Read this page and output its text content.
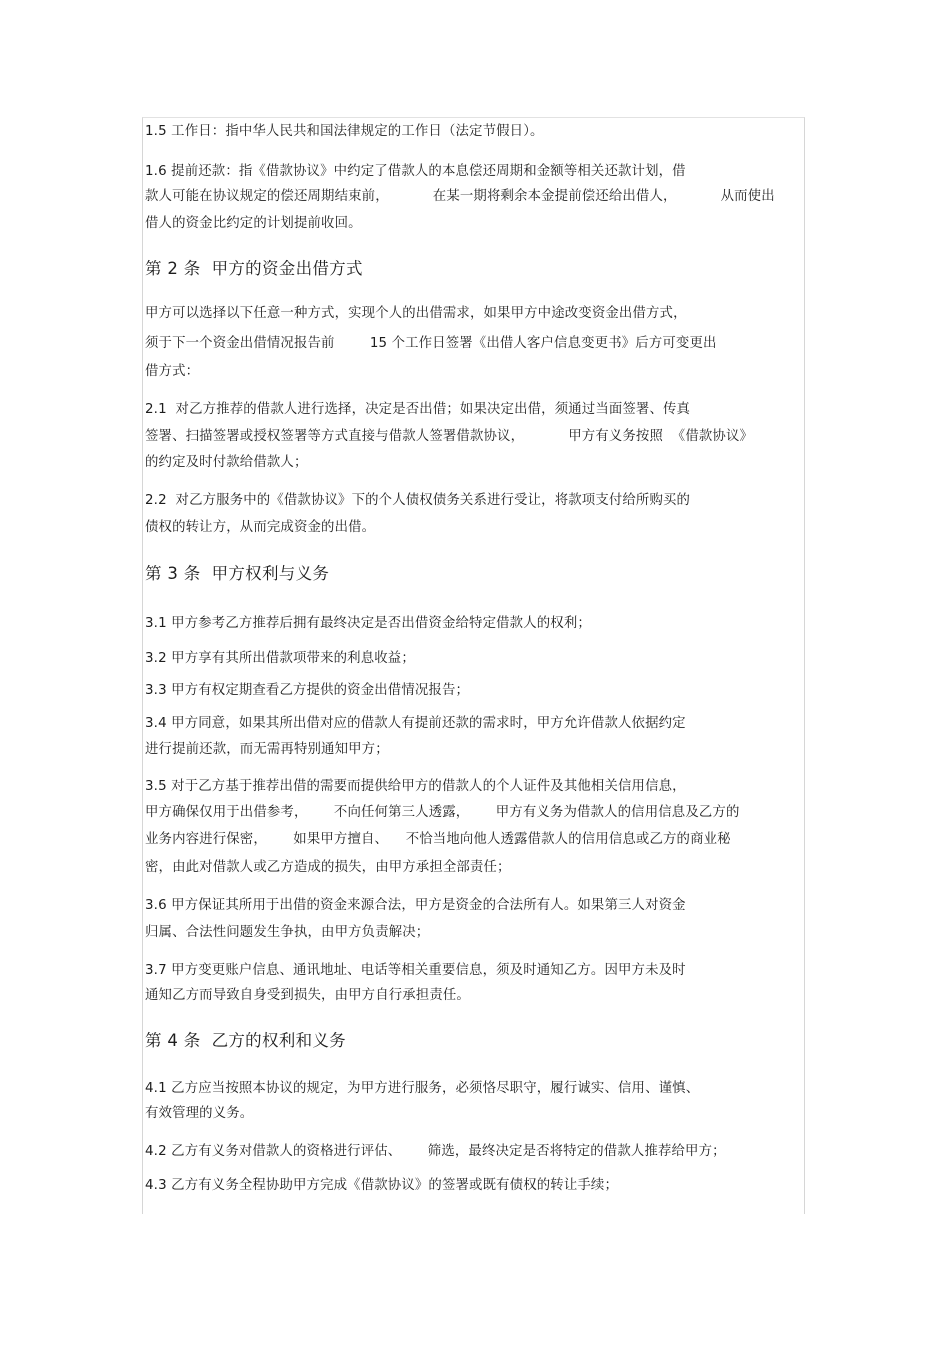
1.5 工作日：指中华人民共和国法律规定的工作日（法定节假日）。
1.6 提前还款：指《借款协议》中约定了借款人的本息偿还周期和金额等相关还款计划，借
款人可能在协议规定的偿还周期结束前，          在某一期将剩余本金提前偿还给出借人，          从而使出
借人的资金比约定的计划提前收回。
第 2 条  甲方的资金出借方式
甲方可以选择以下任意一种方式，实现个人的出借需求，如果甲方中途改变资金出借方式，
须于下一个资金出借情况报告前        15 个工作日签署《出借人客户信息变更书》后方可变更出
借方式：
2.1  对乙方推荐的借款人进行选择，决定是否出借；如果决定出借，须通过当面签署、传真
签署、扫描签署或授权签署等方式直接与借款人签署借款协议，          甲方有义务按照  《借款协议》
的约定及时付款给借款人；
2.2  对乙方服务中的《借款协议》下的个人债权债务关系进行受让，将款项支付给所购买的
债权的转让方，从而完成资金的出借。
第 3 条  甲方权利与义务
3.1 甲方参考乙方推荐后拥有最终决定是否出借资金给特定借款人的权利；
3.2 甲方享有其所出借款项带来的利息收益；
3.3 甲方有权定期查看乙方提供的资金出借情况报告；
3.4 甲方同意，如果其所出借对应的借款人有提前还款的需求时，甲方允许借款人依据约定
进行提前还款，而无需再特别通知甲方；
3.5 对于乙方基于推荐出借的需要而提供给甲方的借款人的个人证件及其他相关信用信息，
甲方确保仅用于出借参考，      不向任何第三人透露，      甲方有义务为借款人的信用信息及乙方的
业务内容进行保密，      如果甲方擅自、    不恰当地向他人透露借款人的信用信息或乙方的商业秘
密，由此对借款人或乙方造成的损失，由甲方承担全部责任；
3.6 甲方保证其所用于出借的资金来源合法，甲方是资金的合法所有人。如果第三人对资金
归属、合法性问题发生争执，由甲方负责解决；
3.7 甲方变更账户信息、通讯地址、电话等相关重要信息，须及时通知乙方。因甲方未及时
通知乙方而导致自身受到损失，由甲方自行承担责任。
第 4 条  乙方的权利和义务
4.1 乙方应当按照本协议的规定，为甲方进行服务，必须恪尽职守，履行诚实、信用、谨慎、
有效管理的义务。
4.2 乙方有义务对借款人的资格进行评估、      筛选，最终决定是否将特定的借款人推荐给甲方；
4.3 乙方有义务全程协助甲方完成《借款协议》的签署或既有债权的转让手续；
